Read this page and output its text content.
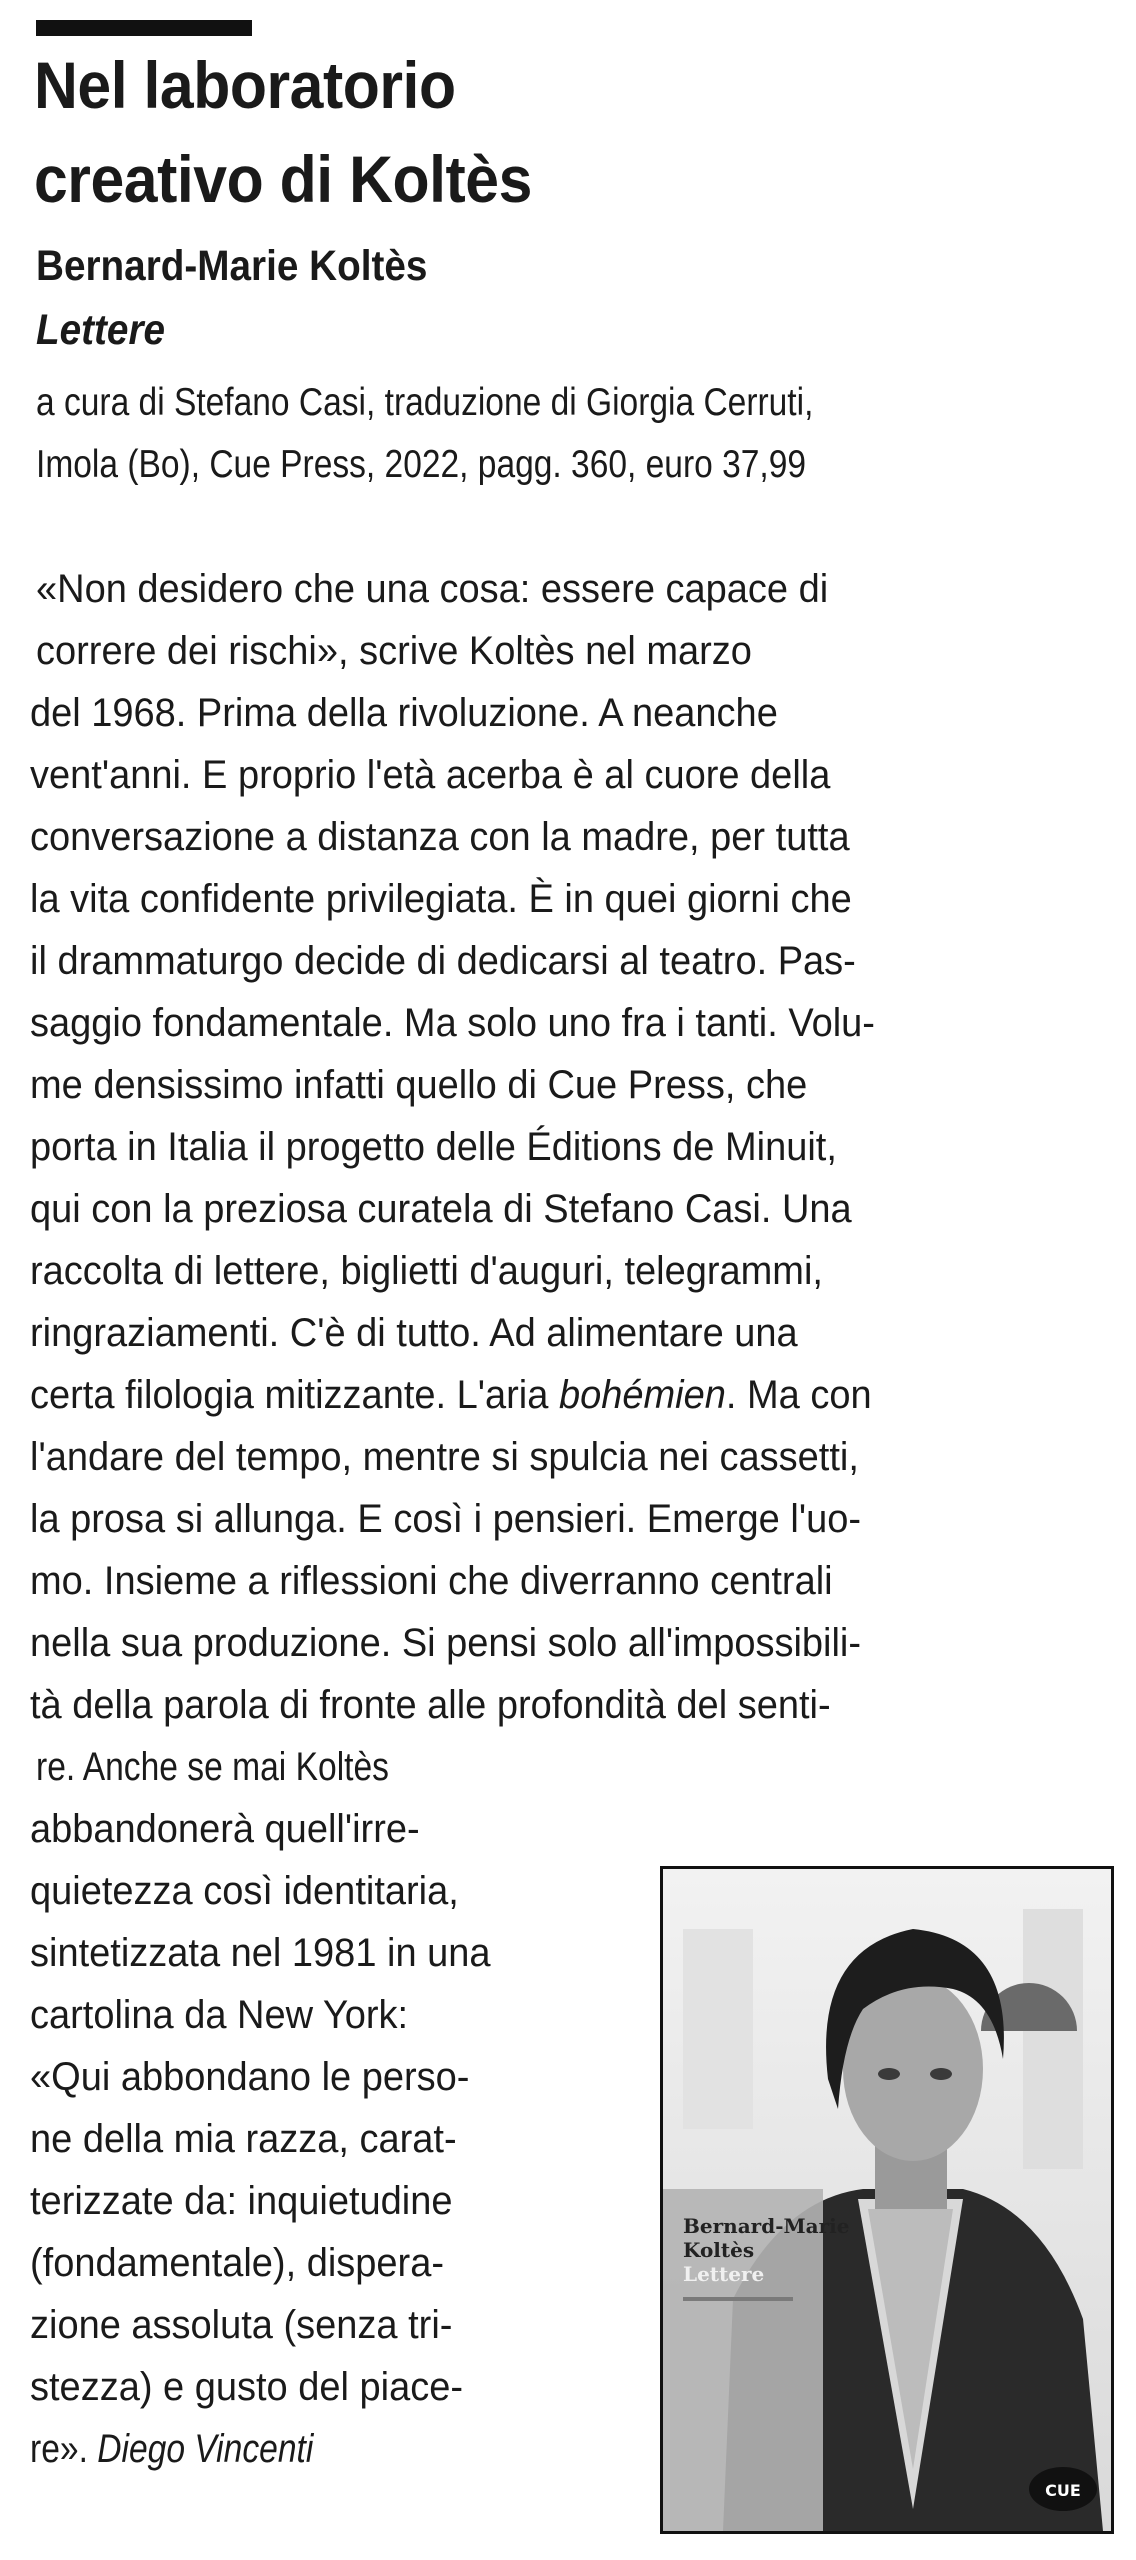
Nel laboratorio
creativo di Koltès
Bernard-Marie Koltès
Lettere
a cura di Stefano Casi, traduzione di Giorgia Cerruti,
Imola (Bo), Cue Press, 2022, pagg. 360, euro 37,99
«Non desidero che una cosa: essere capace di
correre dei rischi», scrive Koltès nel marzo
del 1968. Prima della rivoluzione. A neanche
vent'anni. E proprio l'età acerba è al cuore della
conversazione a distanza con la madre, per tutta
la vita confidente privilegiata. È in quei giorni che
il drammaturgo decide di dedicarsi al teatro. Pas-
saggio fondamentale. Ma solo uno fra i tanti. Volu-
me densissimo infatti quello di Cue Press, che
porta in Italia il progetto delle Éditions de Minuit,
qui con la preziosa curatela di Stefano Casi. Una
raccolta di lettere, biglietti d'auguri, telegrammi,
ringraziamenti. C'è di tutto. Ad alimentare una
certa filologia mitizzante. L'aria bohémien. Ma con
l'andare del tempo, mentre si spulcia nei cassetti,
la prosa si allunga. E così i pensieri. Emerge l'uo-
mo. Insieme a riflessioni che diverranno centrali
nella sua produzione. Si pensi solo all'impossibili-
tà della parola di fronte alle profondità del senti-
re. Anche se mai Koltès
abbandonerà quell'irre-
quietezza così identitaria,
sintetizzata nel 1981 in una
cartolina da New York:
«Qui abbondano le perso-
ne della mia razza, carat-
terizzate da: inquietudine
(fondamentale), dispera-
zione assoluta (senza tri-
stezza) e gusto del piace-
re». Diego Vincenti
Bernard-Marie
Koltès
Lettere
CUE
